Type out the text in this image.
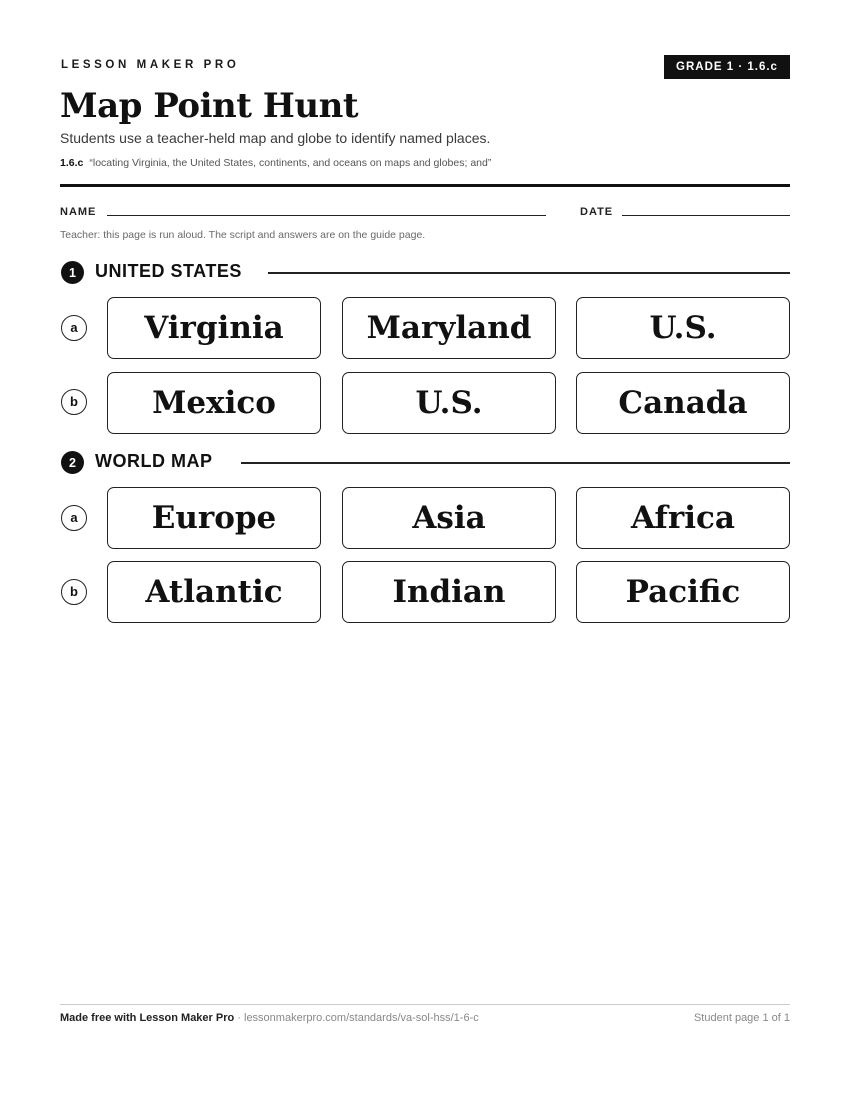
LESSON MAKER PRO	GRADE 1 · 1.6.c
Map Point Hunt
Students use a teacher-held map and globe to identify named places.
1.6.c “locating Virginia, the United States, continents, and oceans on maps and globes; and”
NAME	DATE
Teacher: this page is run aloud. The script and answers are on the guide page.
1	UNITED STATES
a	Virginia	Maryland	U.S.
b	Mexico	U.S.	Canada
2	WORLD MAP
a	Europe	Asia	Africa
b	Atlantic	Indian	Pacific
Made free with Lesson Maker Pro · lessonmakerpro.com/standards/va-sol-hss/1-6-c	Student page 1 of 1
